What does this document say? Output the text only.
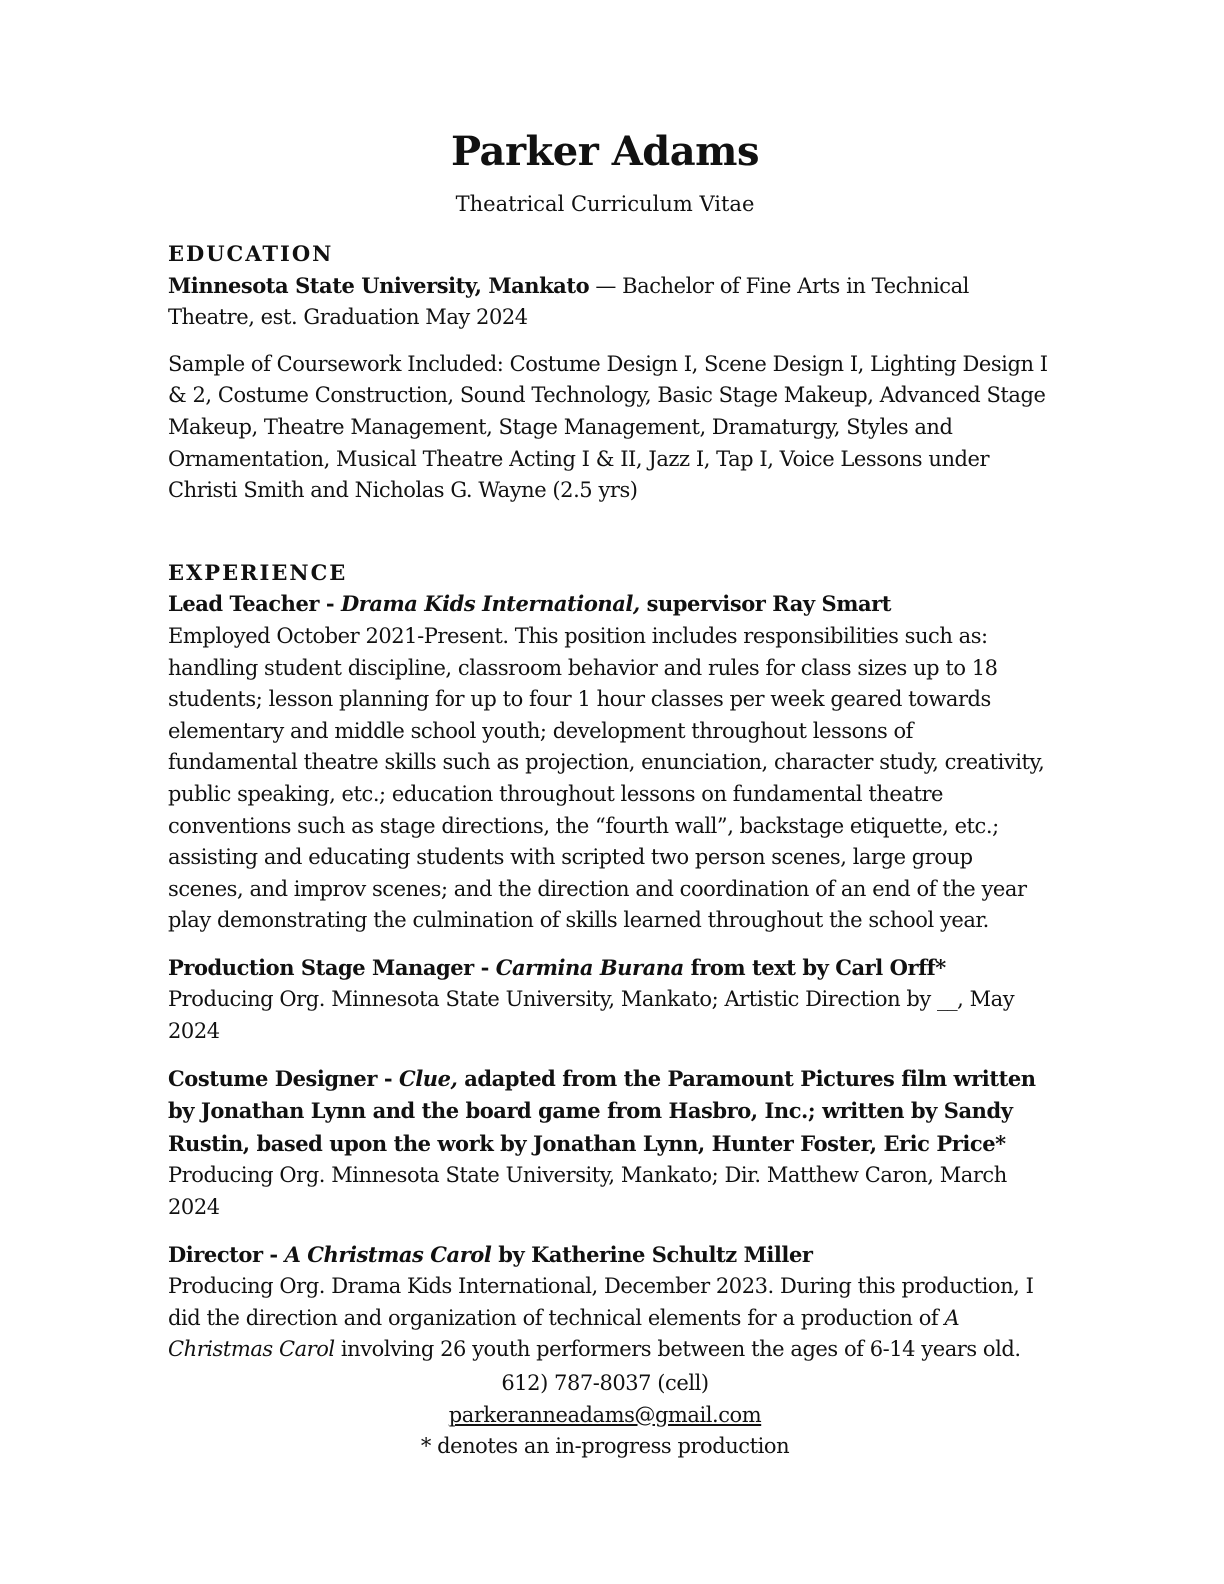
Parker Adams

Theatrical Curriculum Vitae

EDUCATION

Minnesota State University, Mankato — Bachelor of Fine Arts in Technical Theatre, est. Graduation May 2024

Sample of Coursework Included: Costume Design I, Scene Design I, Lighting Design I & 2, Costume Construction, Sound Technology, Basic Stage Makeup, Advanced Stage Makeup, Theatre Management, Stage Management, Dramaturgy, Styles and Ornamentation, Musical Theatre Acting I & II, Jazz I, Tap I, Voice Lessons under Christi Smith and Nicholas G. Wayne (2.5 yrs)

EXPERIENCE

Lead Teacher - Drama Kids International, supervisor Ray Smart

Employed October 2021-Present. This position includes responsibilities such as: handling student discipline, classroom behavior and rules for class sizes up to 18 students; lesson planning for up to four 1 hour classes per week geared towards elementary and middle school youth; development throughout lessons of fundamental theatre skills such as projection, enunciation, character study, creativity, public speaking, etc.; education throughout lessons on fundamental theatre conventions such as stage directions, the “fourth wall”, backstage etiquette, etc.; assisting and educating students with scripted two person scenes, large group scenes, and improv scenes; and the direction and coordination of an end of the year play demonstrating the culmination of skills learned throughout the school year.

Production Stage Manager - Carmina Burana from text by Carl Orff*

Producing Org. Minnesota State University, Mankato; Artistic Direction by __, May 2024

Costume Designer - Clue, adapted from the Paramount Pictures film written by Jonathan Lynn and the board game from Hasbro, Inc.; written by Sandy Rustin, based upon the work by Jonathan Lynn, Hunter Foster, Eric Price*

Producing Org. Minnesota State University, Mankato; Dir. Matthew Caron, March 2024

Director - A Christmas Carol by Katherine Schultz Miller

Producing Org. Drama Kids International, December 2023. During this production, I did the direction and organization of technical elements for a production of A Christmas Carol involving 26 youth performers between the ages of 6-14 years old.

612) 787-8037 (cell)

parkeranneadams@gmail.com

* denotes an in-progress production
